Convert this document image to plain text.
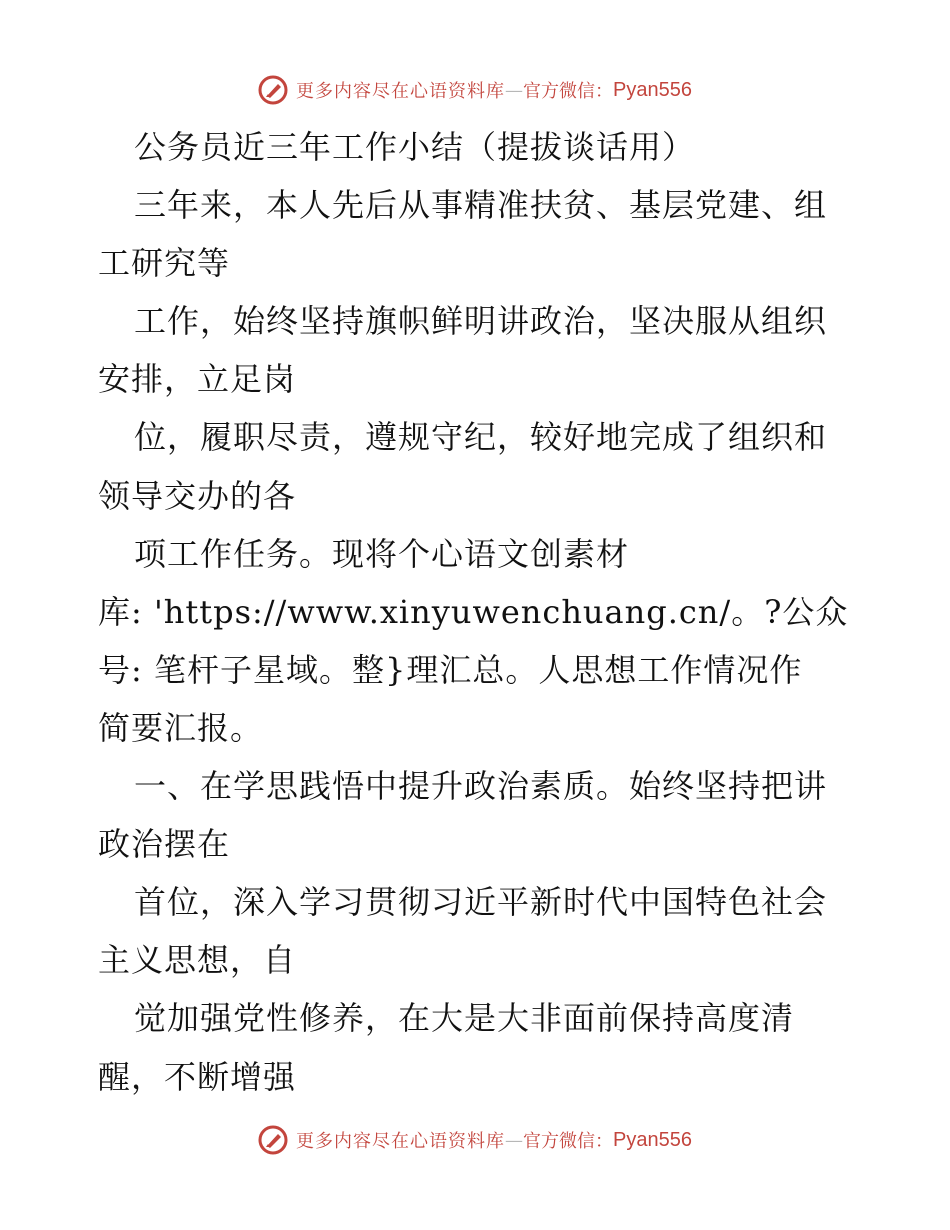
更多内容尽在心语资料库 — 官方微信： Pyan556
公务员近三年工作小结（提拔谈话用）
三年来，本人先后从事精准扶贫、基层党建、组
工研究等
工作，始终坚持旗帜鲜明讲政治，坚决服从组织
安排，立足岗
位，履职尽责，遵规守纪，较好地完成了组织和
领导交办的各
项工作任务。现将个心语文创素材
库: 'https://www.xinyuwenchuang.cn/。?公众
号: 笔杆子星域。整}理汇总。人思想工作情况作
简要汇报。
一、在学思践悟中提升政治素质。始终坚持把讲
政治摆在
首位，深入学习贯彻习近平新时代中国特色社会
主义思想，自
觉加强党性修养，在大是大非面前保持高度清
醒，不断增强
更多内容尽在心语资料库 — 官方微信： Pyan556
